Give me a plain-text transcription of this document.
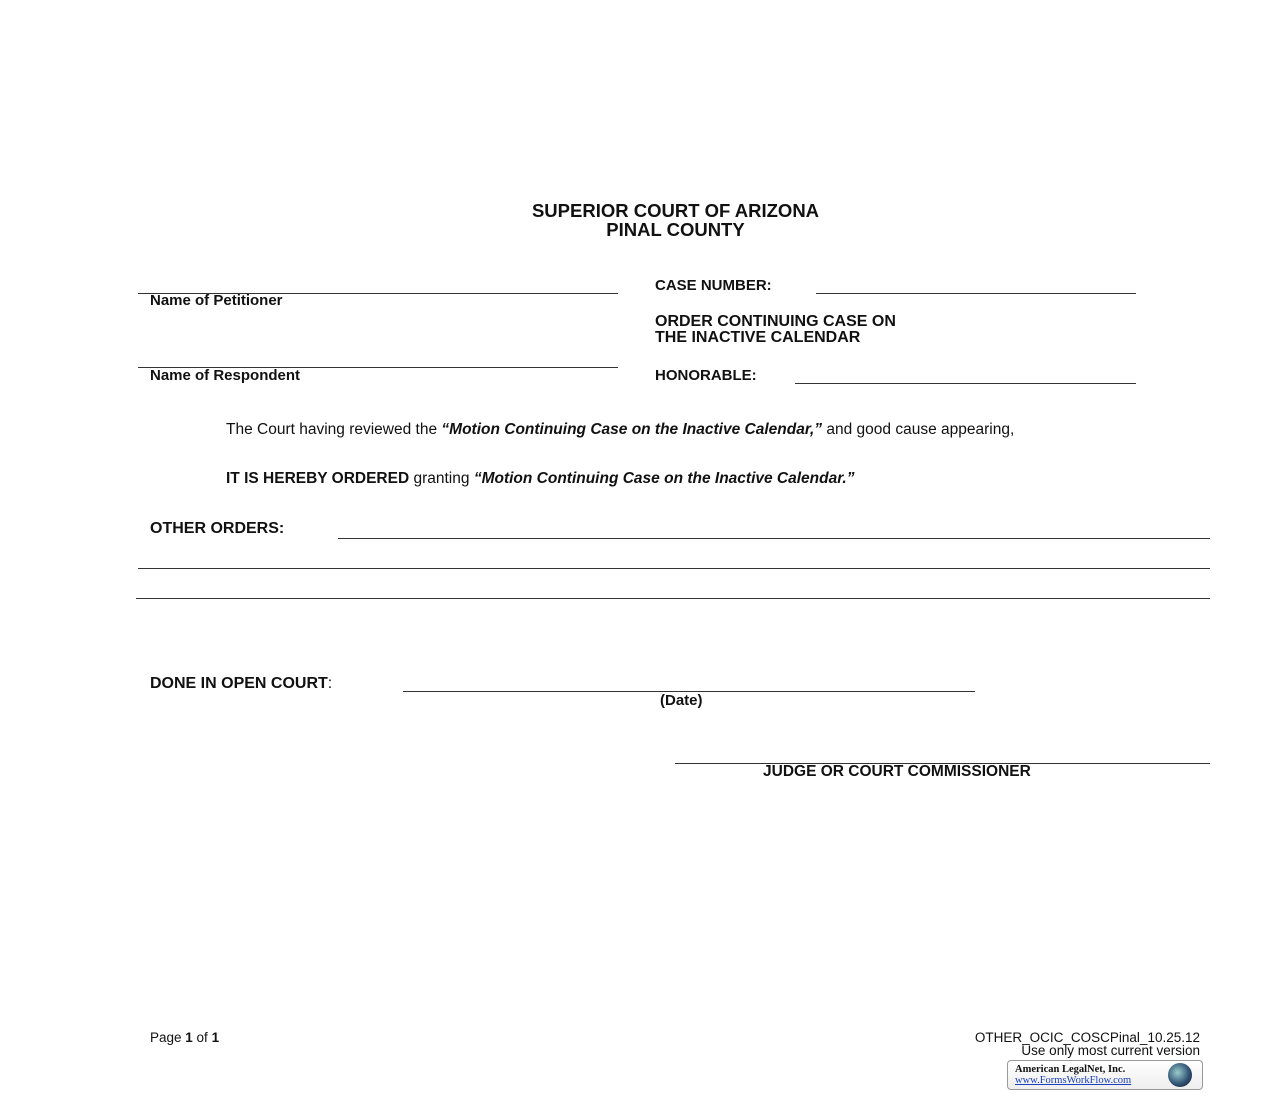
SUPERIOR COURT OF ARIZONA
PINAL COUNTY
Name of Petitioner
Name of Respondent
CASE NUMBER:
ORDER CONTINUING CASE ON
THE INACTIVE CALENDAR
HONORABLE:
The Court having reviewed the “Motion Continuing Case on the Inactive Calendar,” and good cause appearing,
IT IS HEREBY ORDERED granting “Motion Continuing Case on the Inactive Calendar.”
OTHER ORDERS:
DONE IN OPEN COURT:
(Date)
JUDGE OR COURT COMMISSIONER
Page 1 of 1	OTHER_OCIC_COSCPinal_10.25.12
Use only most current version
American LegalNet, Inc.
www.FormsWorkFlow.com
